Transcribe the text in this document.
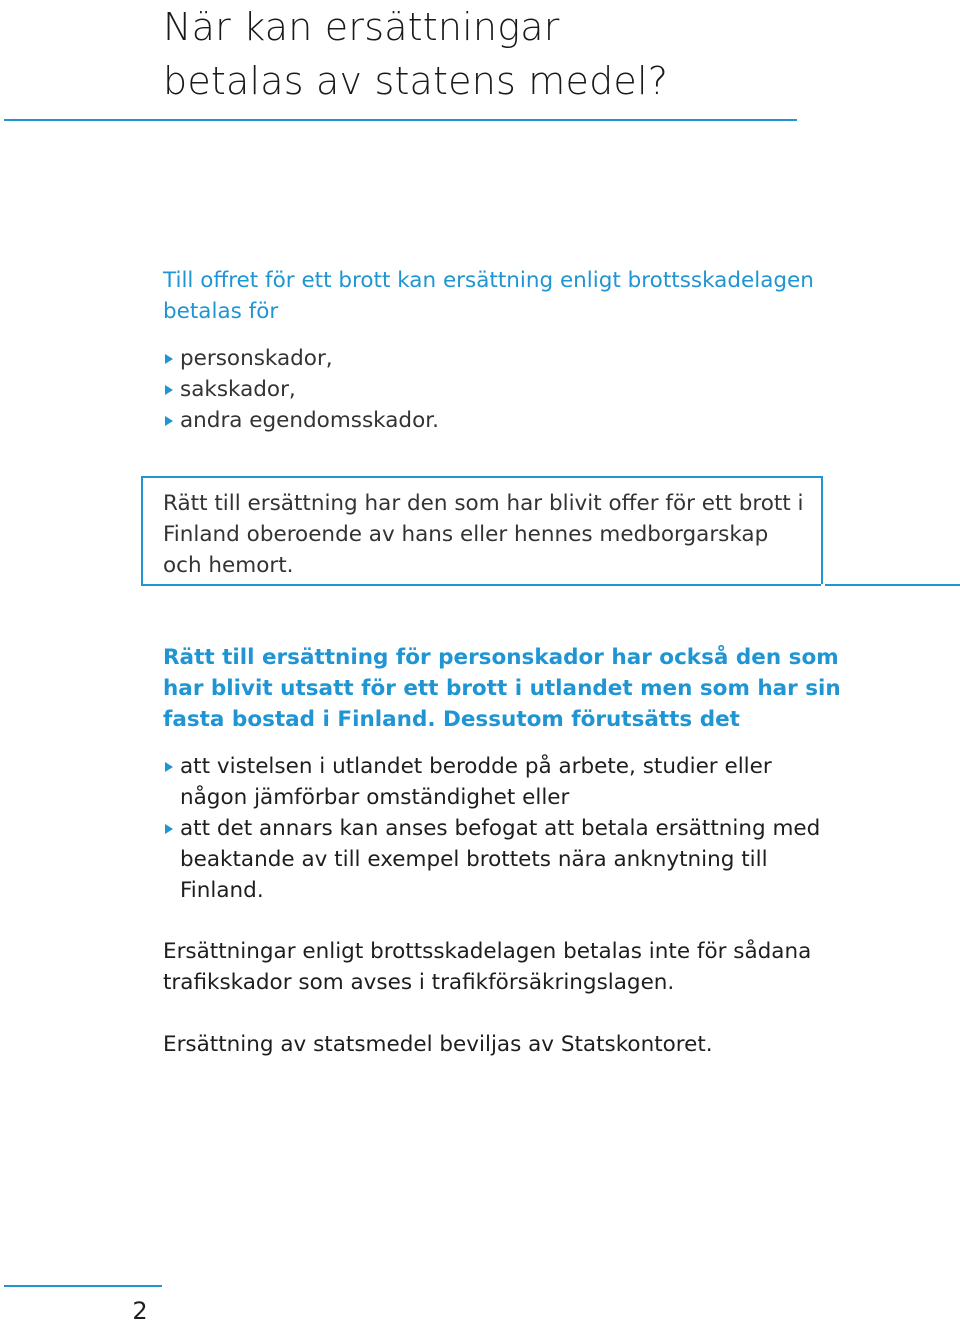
När kan ersättningar
betalas av statens medel?

Till offret för ett brott kan ersättning enligt brottsskadelagen betalas för

personskador,
sakskador,
andra egendomsskador.

Rätt till ersättning har den som har blivit offer för ett brott i Finland oberoende av hans eller hennes medborgarskap och hemort.

Rätt till ersättning för personskador har också den som har blivit utsatt för ett brott i utlandet men som har sin fasta bostad i Finland. Dessutom förutsätts det

att vistelsen i utlandet berodde på arbete, studier eller någon jämförbar omständighet eller
att det annars kan anses befogat att betala ersättning med beaktande av till exempel brottets nära anknytning till Finland.

Ersättningar enligt brottsskadelagen betalas inte för sådana trafikskador som avses i trafikförsäkringslagen.

Ersättning av statsmedel beviljas av Statskontoret.

2
